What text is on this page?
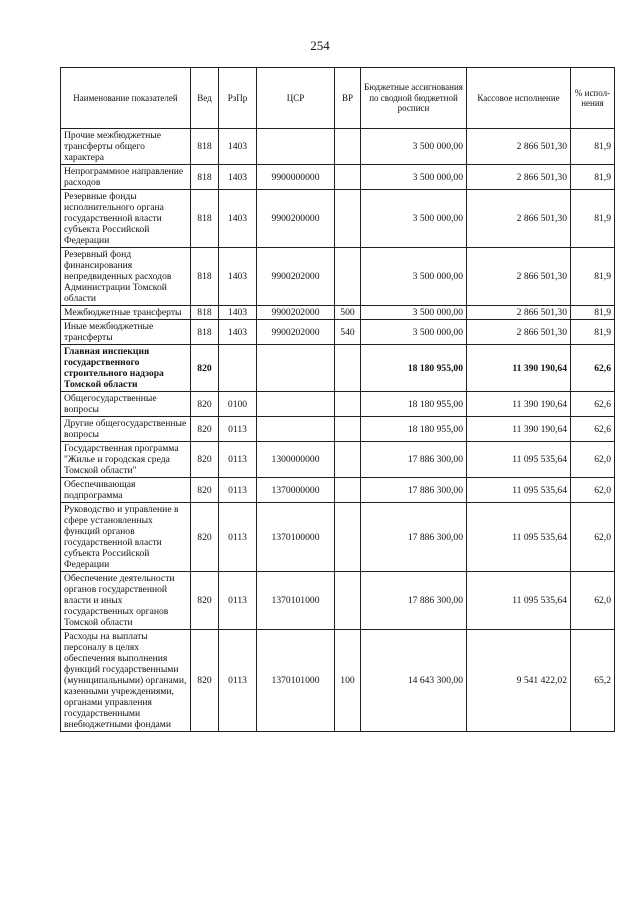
254
Наименование показателей	Вед	РзПр	ЦСР	ВР	Бюджетные ассигнования по сводной бюджетной росписи	Кассовое исполнение	% испол-нения
Прочие межбюджетные трансферты общего характера	818	1403			3 500 000,00	2 866 501,30	81,9
Непрограммное направление расходов	818	1403	9900000000		3 500 000,00	2 866 501,30	81,9
Резервные фонды исполнительного органа государственной власти субъекта Российской Федерации	818	1403	9900200000		3 500 000,00	2 866 501,30	81,9
Резервный фонд финансирования непредвиденных расходов Администрации Томской области	818	1403	9900202000		3 500 000,00	2 866 501,30	81,9
Межбюджетные трансферты	818	1403	9900202000	500	3 500 000,00	2 866 501,30	81,9
Иные межбюджетные трансферты	818	1403	9900202000	540	3 500 000,00	2 866 501,30	81,9
Главная инспекция государственного строительного надзора Томской области	820				18 180 955,00	11 390 190,64	62,6
Общегосударственные вопросы	820	0100			18 180 955,00	11 390 190,64	62,6
Другие общегосударственные вопросы	820	0113			18 180 955,00	11 390 190,64	62,6
Государственная программа "Жилье и городская среда Томской области"	820	0113	1300000000		17 886 300,00	11 095 535,64	62,0
Обеспечивающая подпрограмма	820	0113	1370000000		17 886 300,00	11 095 535,64	62,0
Руководство и управление в сфере установленных функций органов государственной власти субъекта Российской Федерации	820	0113	1370100000		17 886 300,00	11 095 535,64	62,0
Обеспечение деятельности органов государственной власти и иных государственных органов Томской области	820	0113	1370101000		17 886 300,00	11 095 535,64	62,0
Расходы на выплаты персоналу в целях обеспечения выполнения функций государственными (муниципальными) органами, казенными учреждениями, органами управления государственными внебюджетными фондами	820	0113	1370101000	100	14 643 300,00	9 541 422,02	65,2
